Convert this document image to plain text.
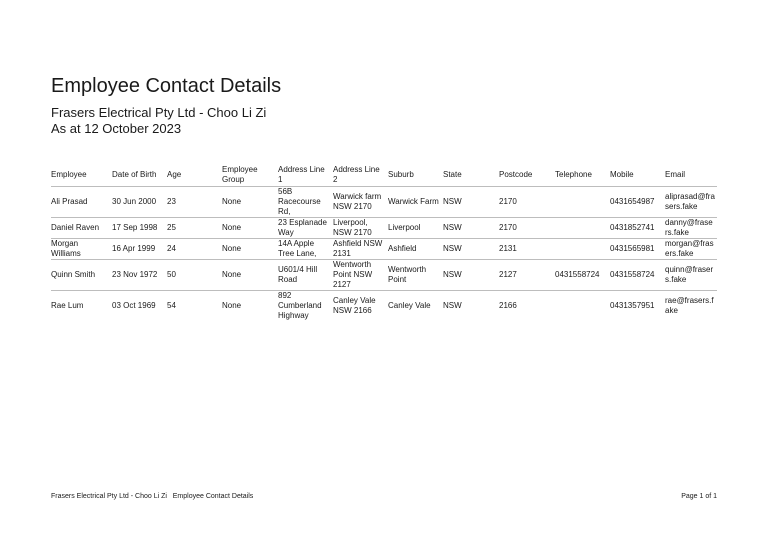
Employee Contact Details
Frasers Electrical Pty Ltd - Choo Li Zi
As at 12 October 2023
Employee	Date of Birth	Age	Employee Group	Address Line 1	Address Line 2	Suburb	State	Postcode	Telephone	Mobile	Email
Ali Prasad	30 Jun 2000	23	None	56B Racecourse Rd,	Warwick farm NSW 2170	Warwick Farm	NSW	2170		0431654987	aliprasad@frasers.fake
Daniel Raven	17 Sep 1998	25	None	23 Esplanade Way	Liverpool, NSW 2170	Liverpool	NSW	2170		0431852741	danny@frasers.fake
Morgan Williams	16 Apr 1999	24	None	14A Apple Tree Lane,	Ashfield NSW 2131	Ashfield	NSW	2131		0431565981	morgan@frasers.fake
Quinn Smith	23 Nov 1972	50	None	U601/4 Hill Road	Wentworth Point NSW 2127	Wentworth Point	NSW	2127	0431558724	0431558724	quinn@frasers.fake
Rae Lum	03 Oct 1969	54	None	892 Cumberland Highway	Canley Vale NSW 2166	Canley Vale	NSW	2166		0431357951	rae@frasers.fake
Frasers Electrical Pty Ltd - Choo Li Zi   Employee Contact Details	Page 1 of 1
